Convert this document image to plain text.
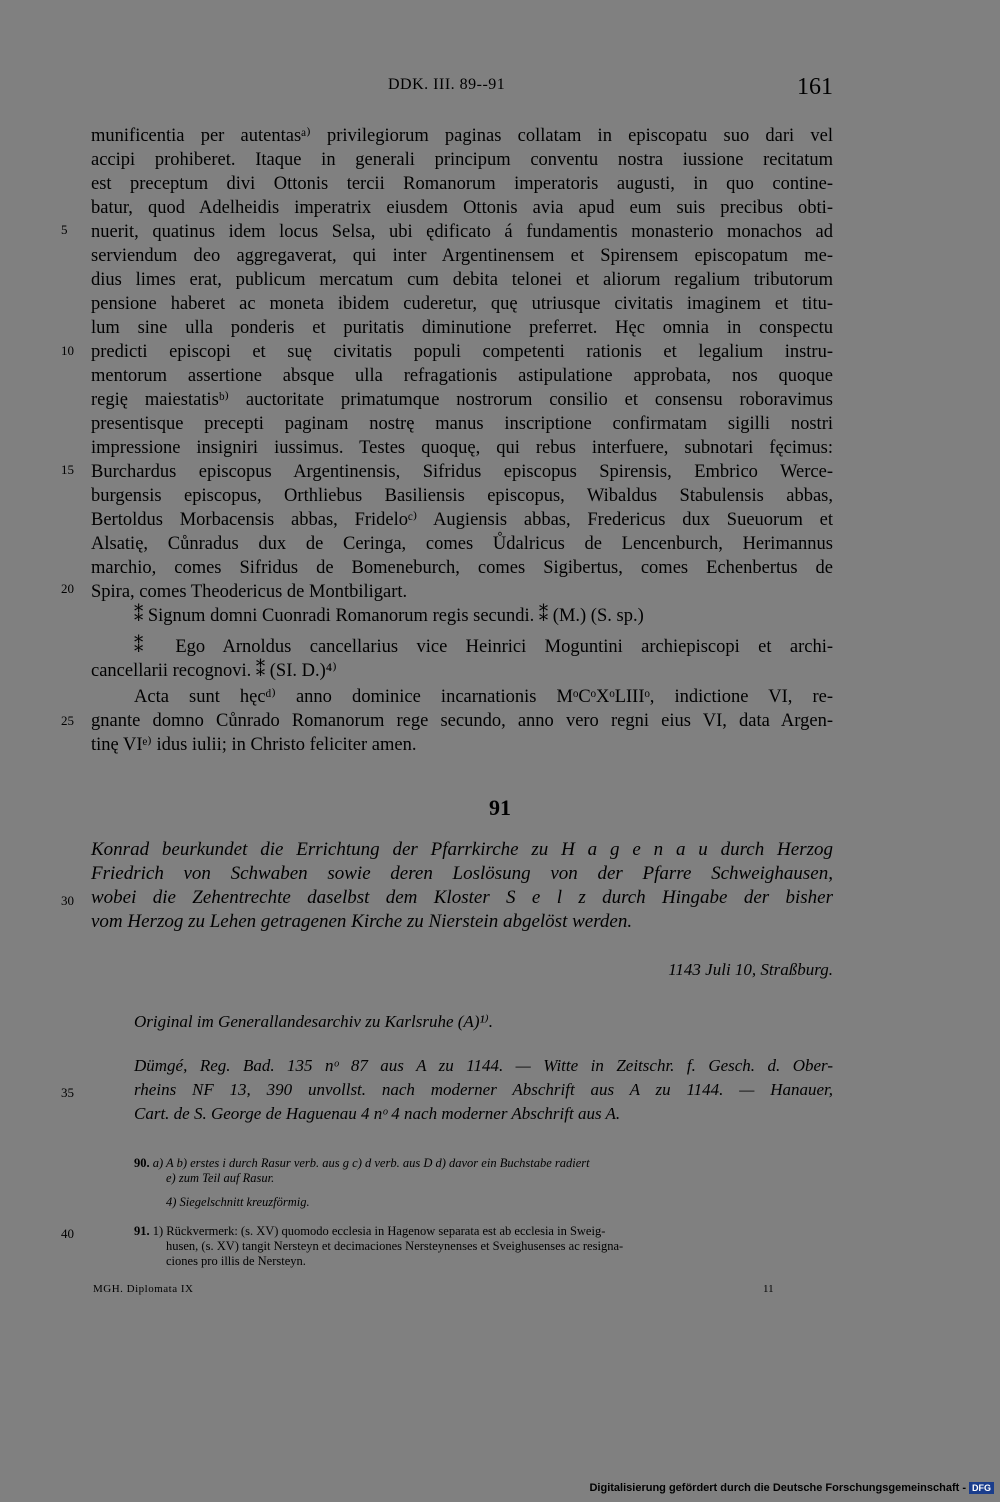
DDK. III. 89--91	161
munificentia per autentasᵃ⁾ privilegiorum paginas collatam in episcopatu suo dari vel
accipi prohiberet. Itaque in generali principum conventu nostra iussione recitatum
est preceptum divi Ottonis tercii Romanorum imperatoris augusti, in quo contine-
batur, quod Adelheidis imperatrix eiusdem Ottonis avia apud eum suis precibus obti-
nuerit, quatinus idem locus Selsa, ubi ędificato á fundamentis monasterio monachos ad
serviendum deo aggregaverat, qui inter Argentinensem et Spirensem episcopatum me-
dius limes erat, publicum mercatum cum debita telonei et aliorum regalium tributorum
pensione haberet ac moneta ibidem cuderetur, quę utriusque civitatis imaginem et titu-
lum sine ulla ponderis et puritatis diminutione preferret. Hęc omnia in conspectu
predicti episcopi et suę civitatis populi competenti rationis et legalium instru-
mentorum assertione absque ulla refragationis astipulatione approbata, nos quoque
regię maiestatisᵇ⁾ auctoritate primatumque nostrorum consilio et consensu roboravimus
presentisque precepti paginam nostrę manus inscriptione confirmatam sigilli nostri
impressione insigniri iussimus. Testes quoquę, qui rebus interfuere, subnotari fęcimus:
Burchardus episcopus Argentinensis, Sifridus episcopus Spirensis, Embrico Werce-
burgensis episcopus, Orthliebus Basiliensis episcopus, Wibaldus Stabulensis abbas,
Bertoldus Morbacensis abbas, Frideloᶜ⁾ Augiensis abbas, Fredericus dux Sueuorum et
Alsatię, Cůnradus dux de Ceringa, comes Ůdalricus de Lencenburch, Herimannus
marchio, comes Sifridus de Bomeneburch, comes Sigibertus, comes Echenbertus de
Spira, comes Theodericus de Montbiligart.
5
10
15
20
25
30
35
40
⁑ Signum domni Cuonradi Romanorum regis secundi. ⁑ (M.) (S. sp.)
⁑ Ego Arnoldus cancellarius vice Heinrici Moguntini archiepiscopi et archi-
cancellarii recognovi. ⁑ (SI. D.)⁴⁾
Acta sunt hęcᵈ⁾ anno dominice incarnationis MᵒCᵒXᵒLIIIᵒ, indictione VI, re-
gnante domno Cůnrado Romanorum rege secundo, anno vero regni eius VI, data Argen-
tinę VIᵉ⁾ idus iulii; in Christo feliciter amen.
91
Konrad beurkundet die Errichtung der Pfarrkirche zu H a g e n a u durch Herzog
Friedrich von Schwaben sowie deren Loslösung von der Pfarre Schweighausen,
wobei die Zehentrechte daselbst dem Kloster S e l z durch Hingabe der bisher
vom Herzog zu Lehen getragenen Kirche zu Nierstein abgelöst werden.
1143 Juli 10, Straßburg.
Original im Generallandesarchiv zu Karlsruhe (A)¹⁾.
Dümgé, Reg. Bad. 135 nᵒ 87 aus A zu 1144. — Witte in Zeitschr. f. Gesch. d. Ober-
rheins NF 13, 390 unvollst. nach moderner Abschrift aus A zu 1144. — Hanauer,
Cart. de S. George de Haguenau 4 nᵒ 4 nach moderner Abschrift aus A.
90. a) A b) erstes i durch Rasur verb. aus g c) d verb. aus D d) davor ein Buchstabe radiert
e) zum Teil auf Rasur.
4) Siegelschnitt kreuzförmig.
91. 1) Rückvermerk: (s. XV) quomodo ecclesia in Hagenow separata est ab ecclesia in Sweig-
husen, (s. XV) tangit Nersteyn et decimaciones Nersteynenses et Sveighusenses ac resigna-
ciones pro illis de Nersteyn.
MGH. Diplomata IX	11
Digitalisierung gefördert durch die Deutsche Forschungsgemeinschaft - DFG
